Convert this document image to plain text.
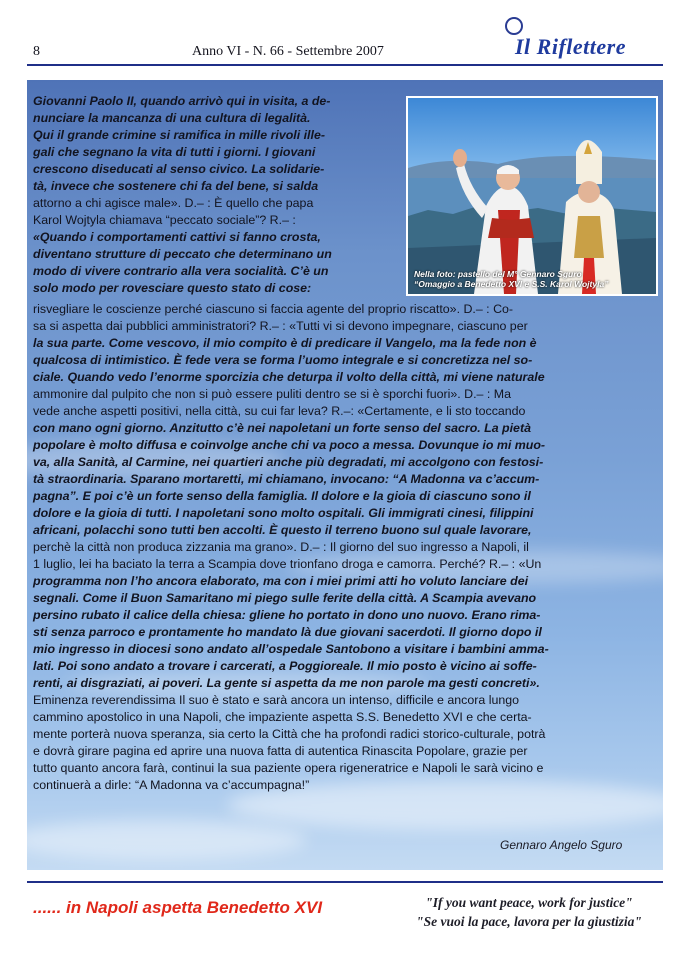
8	Anno VI - N. 66 - Settembre 2007	Il Riflettere
Nella foto: pastello del M° Gennaro Sguro
“Omaggio a Benedetto XVI e S.S. Karol Wojtyla”
Giovanni Paolo II, quando arrivò qui in visita, a de-
nunciare la mancanza di una cultura di legalità.
Qui il grande crimine si ramifica in mille rivoli ille-
gali che segnano la vita di tutti i giorni. I giovani
crescono diseducati al senso civico. La solidarie-
tà, invece che sostenere chi fa del bene, si salda
attorno a chi agisce male». D.– : È quello che papa
Karol Wojtyla chiamava “peccato sociale”? R.– :
«Quando i comportamenti cattivi si fanno crosta,
diventano strutture di peccato che determinano un
modo di vivere contrario alla vera socialità. C’è un
solo modo per rovesciare questo stato di cose:
risvegliare le coscienze perché ciascuno si faccia agente del proprio riscatto». D.– : Co-
sa si aspetta dai pubblici amministratori? R.– : «Tutti vi si devono impegnare, ciascuno per
la sua parte. Come vescovo, il mio compito è di predicare il Vangelo, ma la fede non è
qualcosa di intimistico. È fede vera se forma l’uomo integrale e si concretizza nel so-
ciale. Quando vedo l’enorme sporcizia che deturpa il volto della città, mi viene naturale
ammonire dal pulpito che non si può essere puliti dentro se si è sporchi fuori». D.– : Ma
vede anche aspetti positivi, nella città, su cui far leva? R.–: «Certamente, e li sto toccando
con mano ogni giorno. Anzitutto c’è nei napoletani un forte senso del sacro. La pietà
popolare è molto diffusa e coinvolge anche chi va poco a messa. Dovunque io mi muo-
va, alla Sanità, al Carmine, nei quartieri anche più degradati, mi accolgono con festosi-
tà straordinaria. Sparano mortaretti, mi chiamano, invocano: “A Madonna va c’accum-
pagna”. E poi c’è un forte senso della famiglia. Il dolore e la gioia di ciascuno sono il
dolore e la gioia di tutti. I napoletani sono molto ospitali. Gli immigrati cinesi, filippini
africani, polacchi sono tutti ben accolti. È questo il terreno buono sul quale lavorare,
perchè la città non produca zizzania ma grano». D.– : Il giorno del suo ingresso a Napoli, il
1 luglio, lei ha baciato la terra a Scampia dove trionfano droga e camorra. Perché? R.– : «Un
programma non l’ho ancora elaborato, ma con i miei primi atti ho voluto lanciare dei
segnali. Come il Buon Samaritano mi piego sulle ferite della città. A Scampia avevano
persino rubato il calice della chiesa: gliene ho portato in dono uno nuovo. Erano rima-
sti senza parroco e prontamente ho mandato là due giovani sacerdoti. Il giorno dopo il
mio ingresso in diocesi sono andato all’ospedale Santobono a visitare i bambini amma-
lati. Poi sono andato a trovare i carcerati, a Poggioreale. Il mio posto è vicino ai soffe-
renti, ai disgraziati, ai poveri. La gente si aspetta da me non parole ma gesti concreti».
Eminenza reverendissima Il suo è stato e sarà ancora un intenso, difficile e ancora lungo
cammino apostolico in una Napoli, che impaziente aspetta S.S. Benedetto XVI e che certa-
mente porterà nuova speranza, sia certo la Città che ha profondi radici storico-culturale, potrà
e dovrà girare pagina ed aprire una nuova fatta di autentica Rinascita Popolare, grazie per
tutto quanto ancora farà, continui la sua paziente opera rigeneratrice e Napoli le sarà vicino e
continuerà a dirle: “A Madonna va c’accumpagna!”
Gennaro Angelo Sguro
...... in Napoli aspetta Benedetto XVI	"If you want peace, work for justice"
"Se vuoi la pace, lavora per la giustizia"
